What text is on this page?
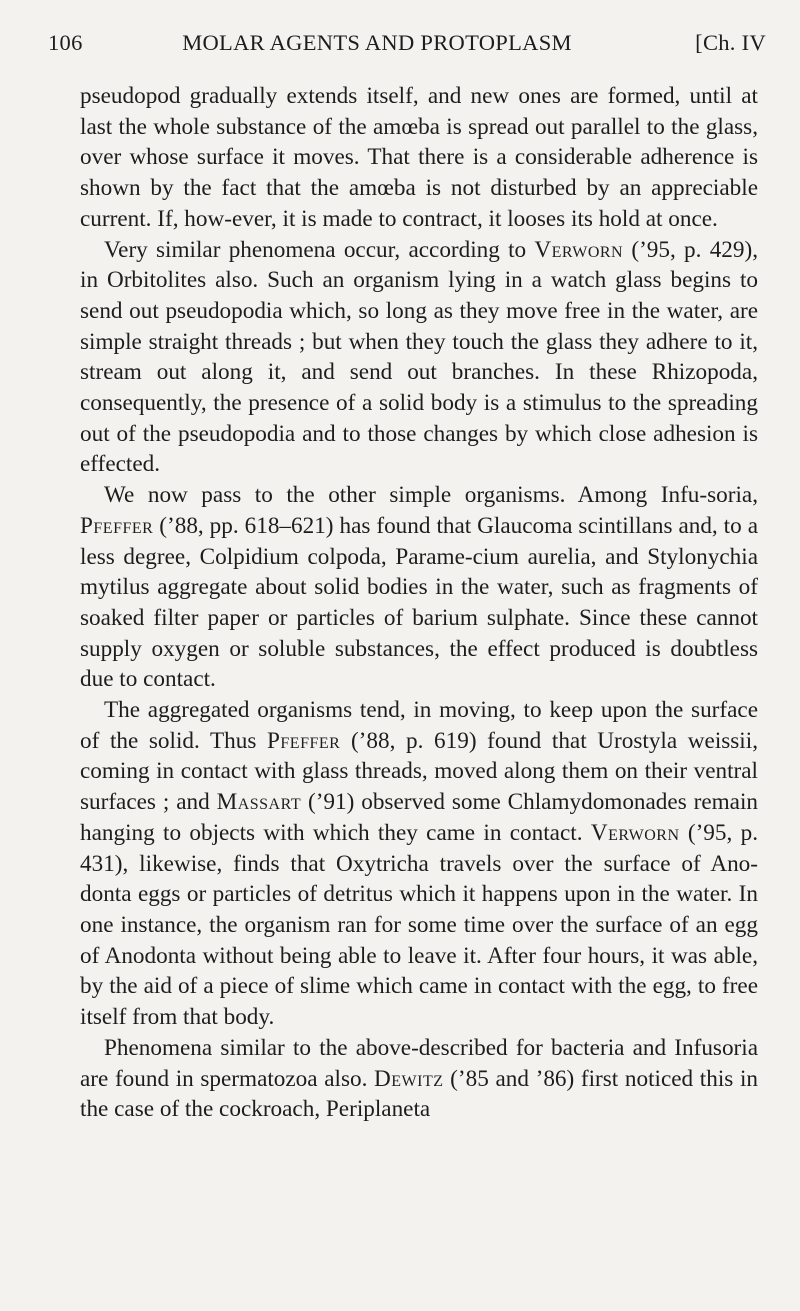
106	MOLAR AGENTS AND PROTOPLASM	[Ch. IV

pseudopod gradually extends itself, and new ones are formed, until at last the whole substance of the amœba is spread out parallel to the glass, over whose surface it moves. That there is a considerable adherence is shown by the fact that the amœba is not disturbed by an appreciable current. If, how-ever, it is made to contract, it looses its hold at once.

Very similar phenomena occur, according to Verworn (’95, p. 429), in Orbitolites also. Such an organism lying in a watch glass begins to send out pseudopodia which, so long as they move free in the water, are simple straight threads ; but when they touch the glass they adhere to it, stream out along it, and send out branches. In these Rhizopoda, consequently, the presence of a solid body is a stimulus to the spreading out of the pseudopodia and to those changes by which close adhesion is effected.

We now pass to the other simple organisms. Among Infu-soria, Pfeffer (’88, pp. 618–621) has found that Glaucoma scintillans and, to a less degree, Colpidium colpoda, Parame-cium aurelia, and Stylonychia mytilus aggregate about solid bodies in the water, such as fragments of soaked filter paper or particles of barium sulphate. Since these cannot supply oxygen or soluble substances, the effect produced is doubtless due to contact.

The aggregated organisms tend, in moving, to keep upon the surface of the solid. Thus Pfeffer (’88, p. 619) found that Urostyla weissii, coming in contact with glass threads, moved along them on their ventral surfaces ; and Massart (’91) observed some Chlamydomonades remain hanging to objects with which they came in contact. Verworn (’95, p. 431), likewise, finds that Oxytricha travels over the surface of Ano-donta eggs or particles of detritus which it happens upon in the water. In one instance, the organism ran for some time over the surface of an egg of Anodonta without being able to leave it. After four hours, it was able, by the aid of a piece of slime which came in contact with the egg, to free itself from that body.

Phenomena similar to the above-described for bacteria and Infusoria are found in spermatozoa also. Dewitz (’85 and ’86) first noticed this in the case of the cockroach, Periplaneta
